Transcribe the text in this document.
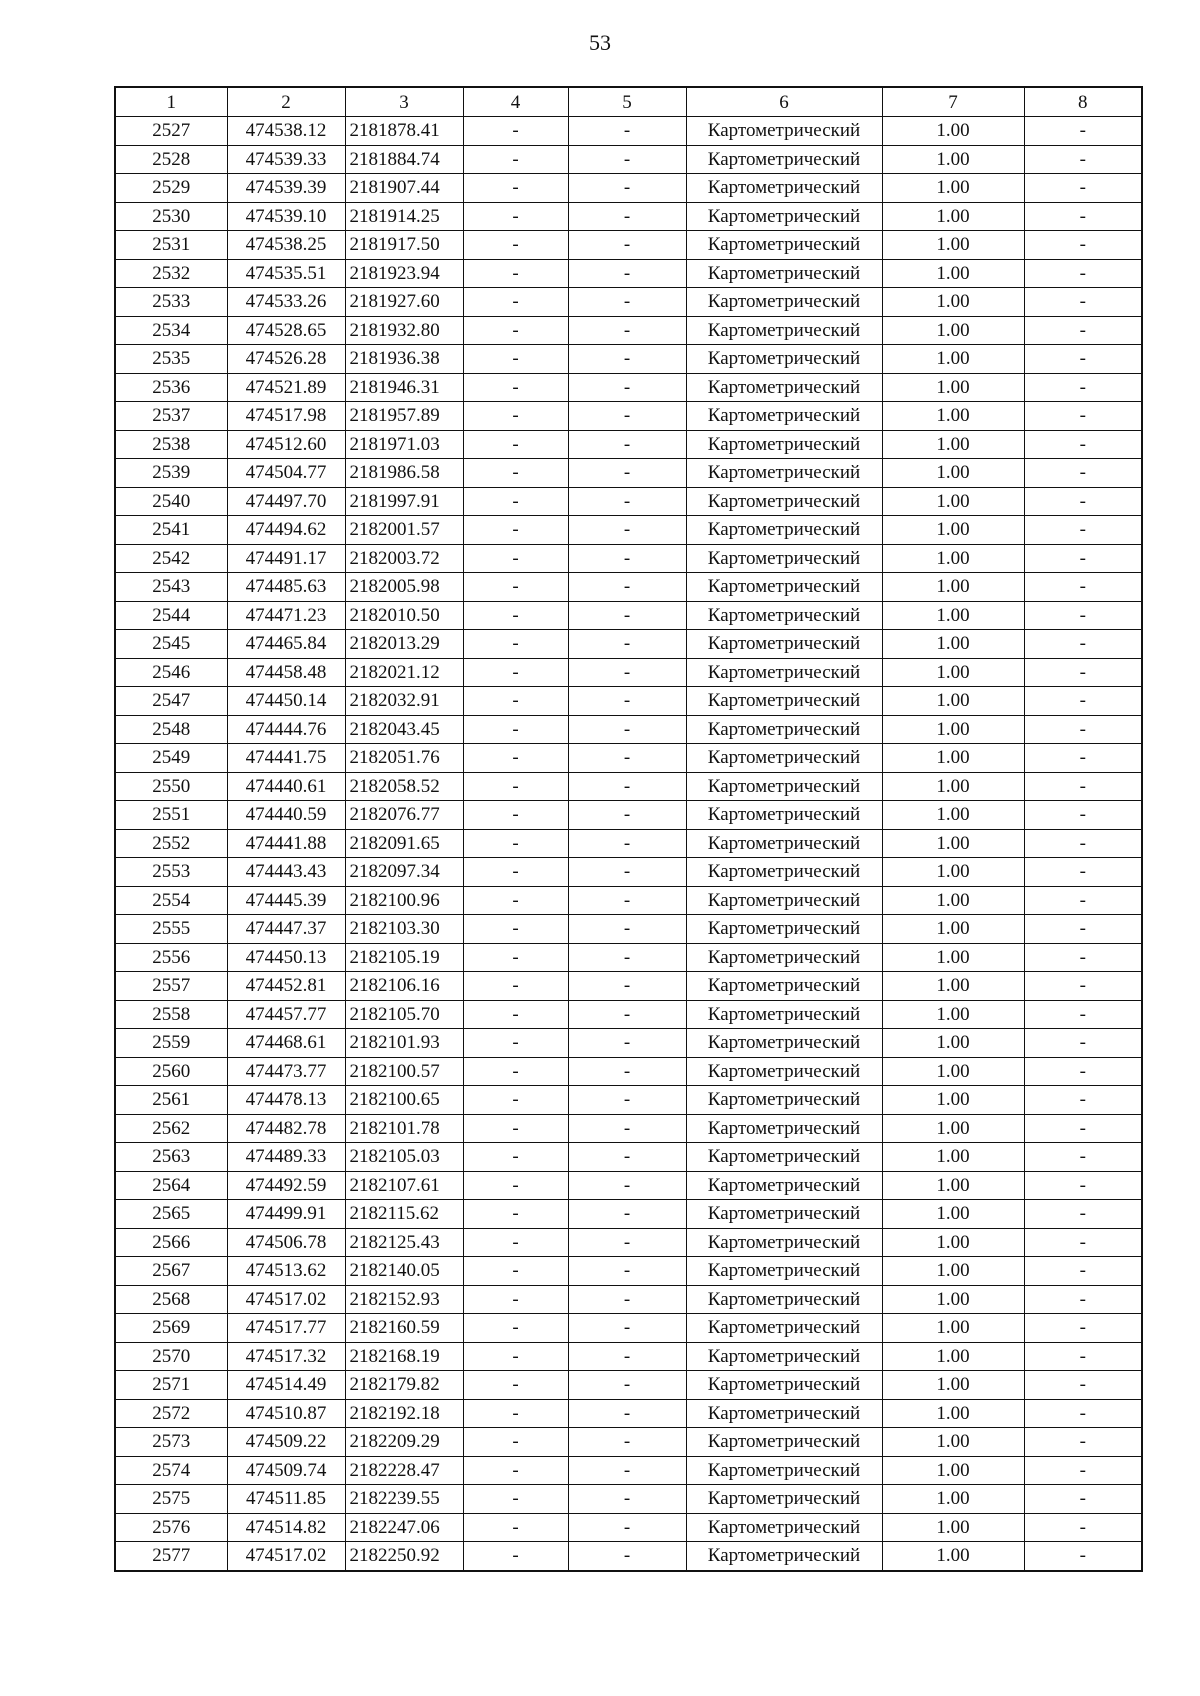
53
1	2	3	4	5	6	7	8
2527	474538.12	2181878.41	-	-	Картометрический	1.00	-
2528	474539.33	2181884.74	-	-	Картометрический	1.00	-
2529	474539.39	2181907.44	-	-	Картометрический	1.00	-
2530	474539.10	2181914.25	-	-	Картометрический	1.00	-
2531	474538.25	2181917.50	-	-	Картометрический	1.00	-
2532	474535.51	2181923.94	-	-	Картометрический	1.00	-
2533	474533.26	2181927.60	-	-	Картометрический	1.00	-
2534	474528.65	2181932.80	-	-	Картометрический	1.00	-
2535	474526.28	2181936.38	-	-	Картометрический	1.00	-
2536	474521.89	2181946.31	-	-	Картометрический	1.00	-
2537	474517.98	2181957.89	-	-	Картометрический	1.00	-
2538	474512.60	2181971.03	-	-	Картометрический	1.00	-
2539	474504.77	2181986.58	-	-	Картометрический	1.00	-
2540	474497.70	2181997.91	-	-	Картометрический	1.00	-
2541	474494.62	2182001.57	-	-	Картометрический	1.00	-
2542	474491.17	2182003.72	-	-	Картометрический	1.00	-
2543	474485.63	2182005.98	-	-	Картометрический	1.00	-
2544	474471.23	2182010.50	-	-	Картометрический	1.00	-
2545	474465.84	2182013.29	-	-	Картометрический	1.00	-
2546	474458.48	2182021.12	-	-	Картометрический	1.00	-
2547	474450.14	2182032.91	-	-	Картометрический	1.00	-
2548	474444.76	2182043.45	-	-	Картометрический	1.00	-
2549	474441.75	2182051.76	-	-	Картометрический	1.00	-
2550	474440.61	2182058.52	-	-	Картометрический	1.00	-
2551	474440.59	2182076.77	-	-	Картометрический	1.00	-
2552	474441.88	2182091.65	-	-	Картометрический	1.00	-
2553	474443.43	2182097.34	-	-	Картометрический	1.00	-
2554	474445.39	2182100.96	-	-	Картометрический	1.00	-
2555	474447.37	2182103.30	-	-	Картометрический	1.00	-
2556	474450.13	2182105.19	-	-	Картометрический	1.00	-
2557	474452.81	2182106.16	-	-	Картометрический	1.00	-
2558	474457.77	2182105.70	-	-	Картометрический	1.00	-
2559	474468.61	2182101.93	-	-	Картометрический	1.00	-
2560	474473.77	2182100.57	-	-	Картометрический	1.00	-
2561	474478.13	2182100.65	-	-	Картометрический	1.00	-
2562	474482.78	2182101.78	-	-	Картометрический	1.00	-
2563	474489.33	2182105.03	-	-	Картометрический	1.00	-
2564	474492.59	2182107.61	-	-	Картометрический	1.00	-
2565	474499.91	2182115.62	-	-	Картометрический	1.00	-
2566	474506.78	2182125.43	-	-	Картометрический	1.00	-
2567	474513.62	2182140.05	-	-	Картометрический	1.00	-
2568	474517.02	2182152.93	-	-	Картометрический	1.00	-
2569	474517.77	2182160.59	-	-	Картометрический	1.00	-
2570	474517.32	2182168.19	-	-	Картометрический	1.00	-
2571	474514.49	2182179.82	-	-	Картометрический	1.00	-
2572	474510.87	2182192.18	-	-	Картометрический	1.00	-
2573	474509.22	2182209.29	-	-	Картометрический	1.00	-
2574	474509.74	2182228.47	-	-	Картометрический	1.00	-
2575	474511.85	2182239.55	-	-	Картометрический	1.00	-
2576	474514.82	2182247.06	-	-	Картометрический	1.00	-
2577	474517.02	2182250.92	-	-	Картометрический	1.00	-
